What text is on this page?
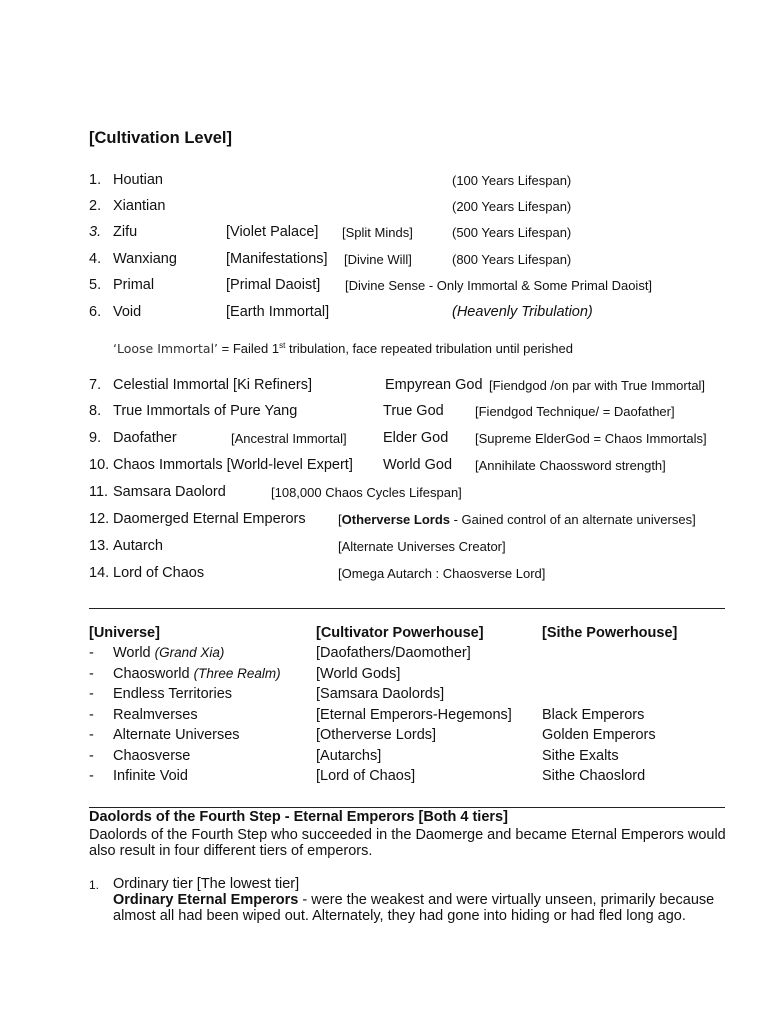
[Cultivation Level]
1. Houtian	(100 Years Lifespan)
2. Xiantian	(200 Years Lifespan)
3. Zifu	[Violet Palace] [Split Minds]	(500 Years Lifespan)
4. Wanxiang	[Manifestations] [Divine Will]	(800 Years Lifespan)
5. Primal	[Primal Daoist] [Divine Sense - Only Immortal & Some Primal Daoist]
6. Void	[Earth Immortal]	(Heavenly Tribulation)
‘Loose Immortal’ = Failed 1st tribulation, face repeated tribulation until perished
7. Celestial Immortal [Ki Refiners]	Empyrean God [Fiendgod /on par with True Immortal]
8. True Immortals of Pure Yang	True God [Fiendgod Technique/ = Daofather]
9. Daofather	[Ancestral Immortal]	Elder God [Supreme ElderGod = Chaos Immortals]
10. Chaos Immortals [World-level Expert] World God [Annihilate Chaossword strength]
11. Samsara Daolord	[108,000 Chaos Cycles Lifespan]
12. Daomerged Eternal Emperors [Otherverse Lords - Gained control of an alternate universes]
13. Autarch	[Alternate Universes Creator]
14. Lord of Chaos	[Omega Autarch : Chaosverse Lord]
[Universe]	[Cultivator Powerhouse]	[Sithe Powerhouse]
- World (Grand Xia)	[Daofathers/Daomother]
- Chaosworld (Three Realm) [World Gods]
- Endless Territories	[Samsara Daolords]
- Realmverses	[Eternal Emperors-Hegemons] Black Emperors
- Alternate Universes	[Otherverse Lords]	Golden Emperors
- Chaosverse	[Autarchs]	Sithe Exalts
- Infinite Void	[Lord of Chaos]	Sithe Chaoslord
Daolords of the Fourth Step - Eternal Emperors [Both 4 tiers]
Daolords of the Fourth Step who succeeded in the Daomerge and became Eternal Emperors would
also result in four different tiers of emperors.
1. Ordinary tier [The lowest tier]
Ordinary Eternal Emperors - were the weakest and were virtually unseen, primarily because
almost all had been wiped out. Alternately, they had gone into hiding or had fled long ago.
